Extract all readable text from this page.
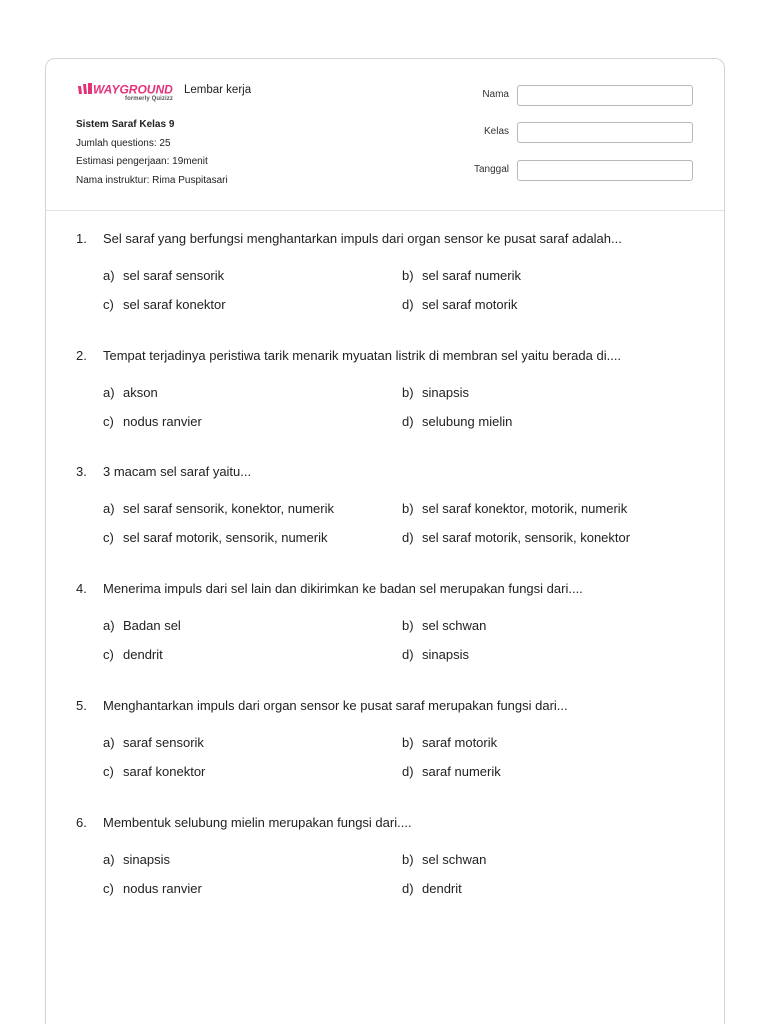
WAYGROUND
formerly Quizizz
Lembar kerja
Sistem Saraf Kelas 9
Jumlah questions: 25
Estimasi pengerjaan: 19menit
Nama instruktur: Rima Puspitasari
Nama
Kelas
Tanggal
1. Sel saraf yang berfungsi menghantarkan impuls dari organ sensor ke pusat saraf adalah...
a) sel saraf sensorik	b) sel saraf numerik
c) sel saraf konektor	d) sel saraf motorik
2. Tempat terjadinya peristiwa tarik menarik myuatan listrik di membran sel yaitu berada di....
a) akson	b) sinapsis
c) nodus ranvier	d) selubung mielin
3. 3 macam sel saraf yaitu...
a) sel saraf sensorik, konektor, numerik	b) sel saraf konektor, motorik, numerik
c) sel saraf motorik, sensorik, numerik	d) sel saraf motorik, sensorik, konektor
4. Menerima impuls dari sel lain dan dikirimkan ke badan sel merupakan fungsi dari....
a) Badan sel	b) sel schwan
c) dendrit	d) sinapsis
5. Menghantarkan impuls dari organ sensor ke pusat saraf merupakan fungsi dari...
a) saraf sensorik	b) saraf motorik
c) saraf konektor	d) saraf numerik
6. Membentuk selubung mielin merupakan fungsi dari....
a) sinapsis	b) sel schwan
c) nodus ranvier	d) dendrit
